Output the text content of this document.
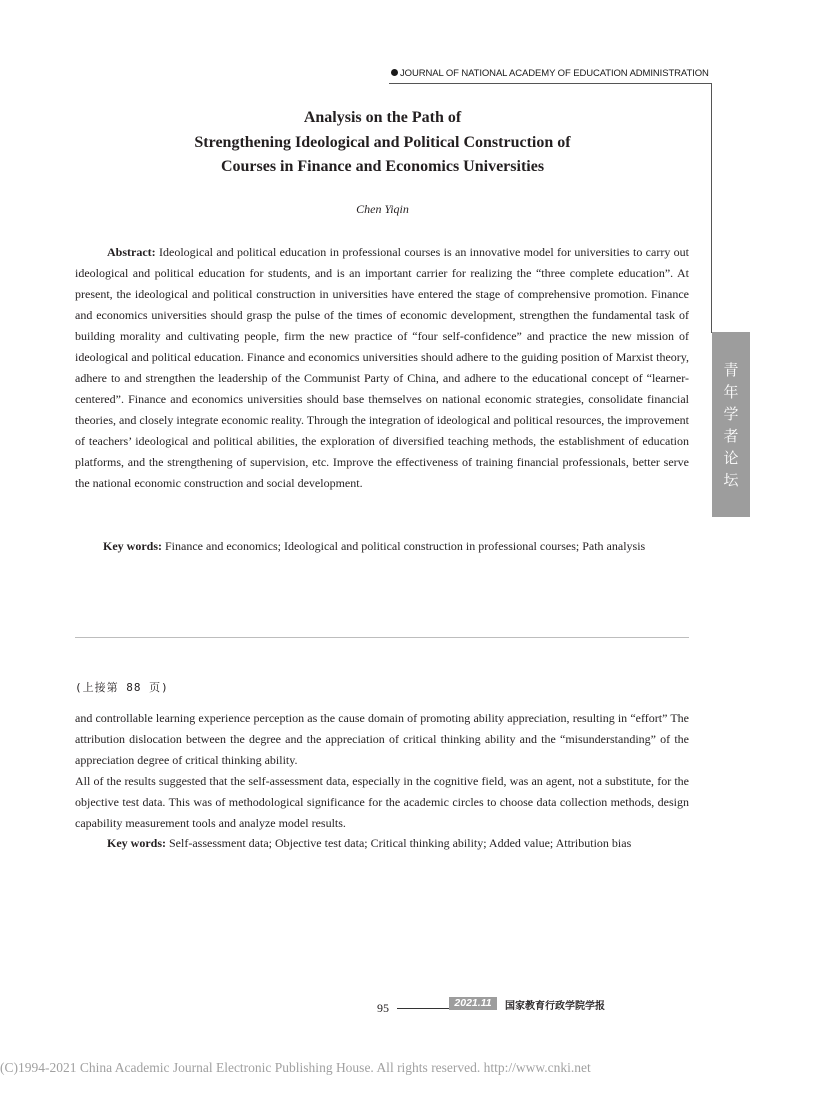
JOURNAL OF NATIONAL ACADEMY OF EDUCATION ADMINISTRATION
青
年
学
者
论
坛
Analysis on the Path of
Strengthening Ideological and Political Construction of
Courses in Finance and Economics Universities
Chen Yiqin

Abstract: Ideological and political education in professional courses is an innovative model for universities to carry out ideological and political education for students, and is an important carrier for realizing the “three complete education”. At present, the ideological and political construction in universities have entered the stage of comprehensive promotion. Finance and economics universities should grasp the pulse of the times of economic development, strengthen the fundamental task of building morality and cultivating people, firm the new practice of “four self-confidence” and practice the new mission of ideological and political education. Finance and economics universities should adhere to the guiding position of Marxist theory, adhere to and strengthen the leadership of the Communist Party of China, and adhere to the educational concept of “learner-centered”. Finance and economics universities should base themselves on national economic strategies, consolidate financial theories, and closely integrate economic reality. Through the integration of ideological and political resources, the improvement of teachers’ ideological and political abilities, the exploration of diversified teaching methods, the establishment of education platforms, and the strengthening of supervision, etc. Improve the effectiveness of training financial professionals, better serve the national economic construction and social development.

Key words: Finance and economics; Ideological and political construction in professional courses; Path analysis
(上接第 88 页)

and controllable learning experience perception as the cause domain of promoting ability appreciation, resulting in “effort” The attribution dislocation between the degree and the appreciation of critical thinking ability and the “misunderstanding” of the appreciation degree of critical thinking ability.

All of the results suggested that the self-assessment data, especially in the cognitive field, was an agent, not a substitute, for the objective test data. This was of methodological significance for the academic circles to choose data collection methods, design capability measurement tools and analyze model results.

Key words: Self-assessment data; Objective test data; Critical thinking ability; Added value; Attribution bias
95	2021.11	国家教育行政学院学报
(C)1994-2021 China Academic Journal Electronic Publishing House. All rights reserved. http://www.cnki.net
